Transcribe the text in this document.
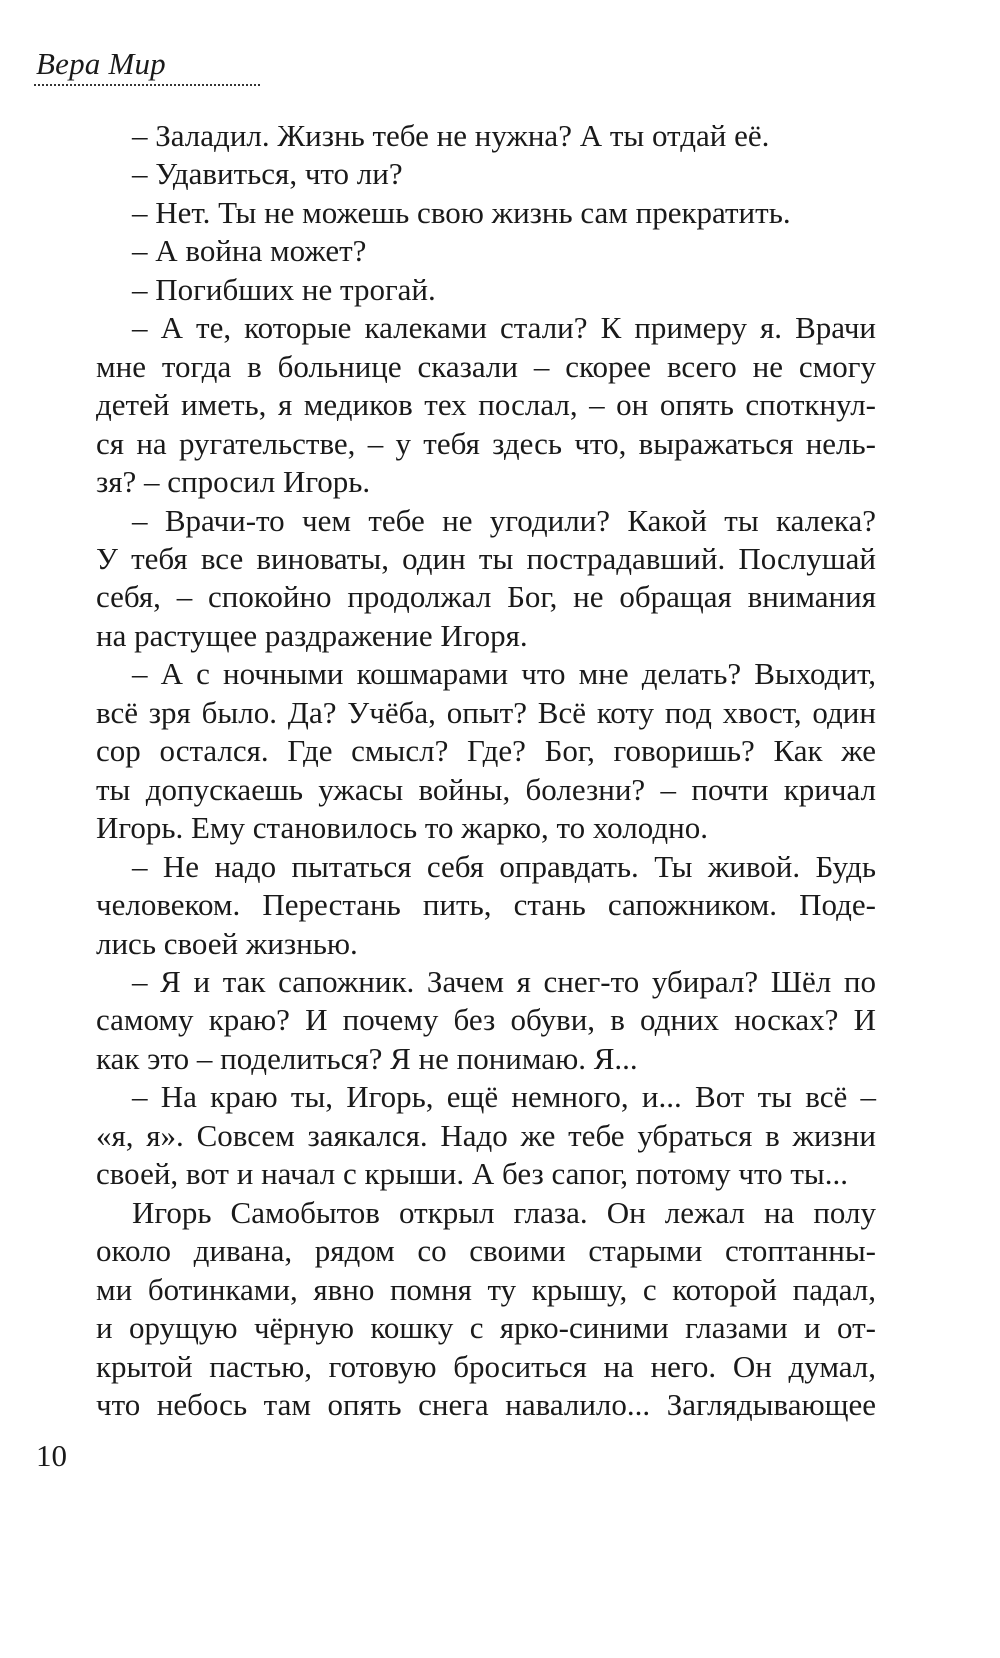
Вера Мир
– Заладил. Жизнь тебе не нужна? А ты отдай её.
– Удавиться, что ли?
– Нет. Ты не можешь свою жизнь сам прекратить.
– А война может?
– Погибших не трогай.
– А те, которые калеками стали? К примеру я. Врачи
мне тогда в больнице сказали – скорее всего не смогу
детей иметь, я медиков тех послал, – он опять споткнул-
ся на ругательстве, – у тебя здесь что, выражаться нель-
зя? – спросил Игорь.
– Врачи-то чем тебе не угодили? Какой ты калека?
У тебя все виноваты, один ты пострадавший. Послушай
себя, – спокойно продолжал Бог, не обращая внимания
на растущее раздражение Игоря.
– А с ночными кошмарами что мне делать? Выходит,
всё зря было. Да? Учёба, опыт? Всё коту под хвост, один
сор остался. Где смысл? Где? Бог, говоришь? Как же
ты допускаешь ужасы войны, болезни? – почти кричал
Игорь. Ему становилось то жарко, то холодно.
– Не надо пытаться себя оправдать. Ты живой. Будь
человеком. Перестань пить, стань сапожником. Поде-
лись своей жизнью.
– Я и так сапожник. Зачем я снег-то убирал? Шёл по
самому краю? И почему без обуви, в одних носках? И
как это – поделиться? Я не понимаю. Я...
– На краю ты, Игорь, ещё немного, и... Вот ты всё –
«я, я». Совсем заякался. Надо же тебе убраться в жизни
своей, вот и начал с крыши. А без сапог, потому что ты...
Игорь Самобытов открыл глаза. Он лежал на полу
около дивана, рядом со своими старыми стоптанны-
ми ботинками, явно помня ту крышу, с которой падал,
и орущую чёрную кошку с ярко-синими глазами и от-
крытой пастью, готовую броситься на него. Он думал,
что небось там опять снега навалило... Заглядывающее
10
